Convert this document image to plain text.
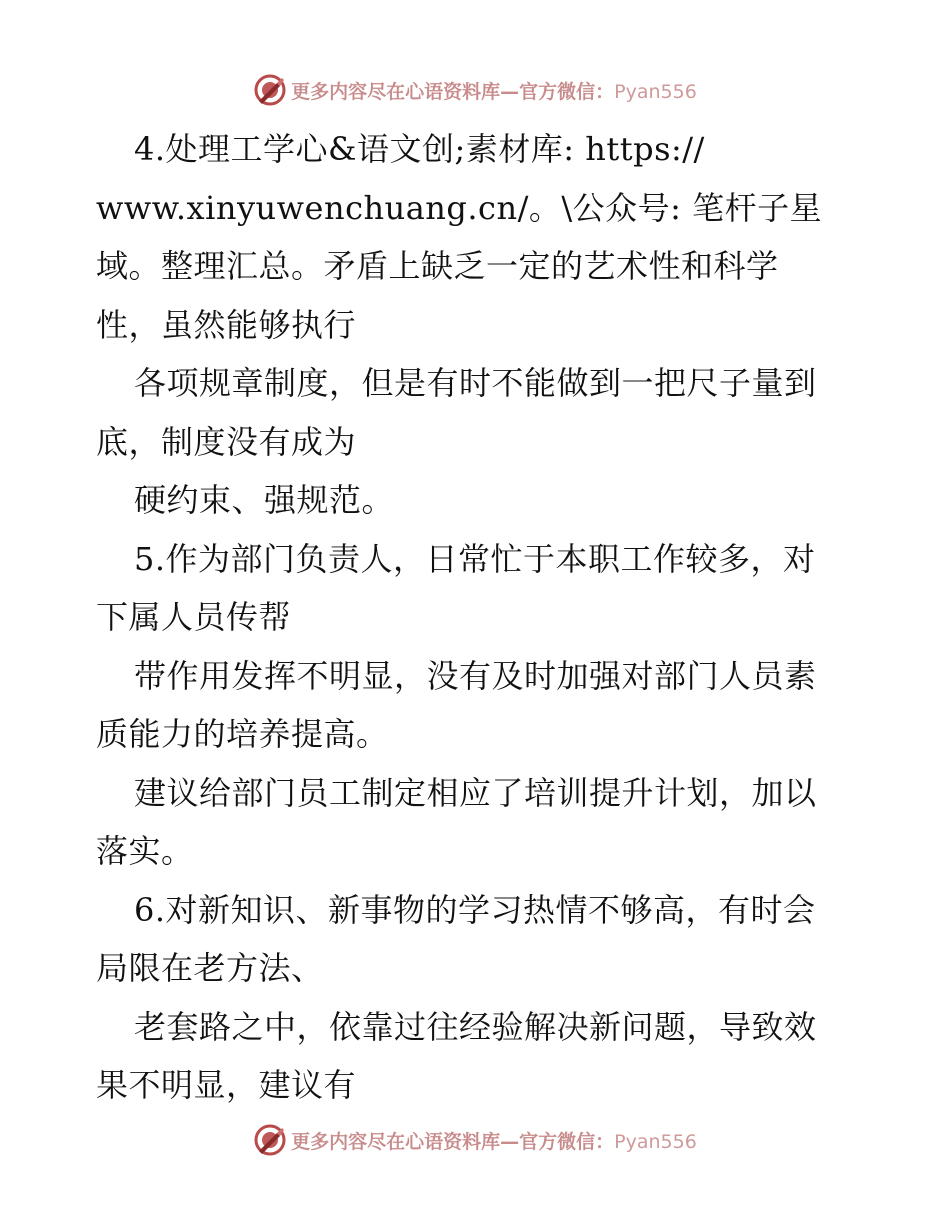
更多内容尽在心语资料库—官方微信：Pyan556
4.处理工学心&语文创;素材库: https://
www.xinyuwenchuang.cn/。\公众号: 笔杆子星
域。整理汇总。矛盾上缺乏一定的艺术性和科学
性，虽然能够执行
各项规章制度，但是有时不能做到一把尺子量到
底，制度没有成为
硬约束、强规范。
5.作为部门负责人，日常忙于本职工作较多，对
下属人员传帮
带作用发挥不明显，没有及时加强对部门人员素
质能力的培养提高。
建议给部门员工制定相应了培训提升计划，加以
落实。
6.对新知识、新事物的学习热情不够高，有时会
局限在老方法、
老套路之中，依靠过往经验解决新问题，导致效
果不明显，建议有
更多内容尽在心语资料库—官方微信：Pyan556
